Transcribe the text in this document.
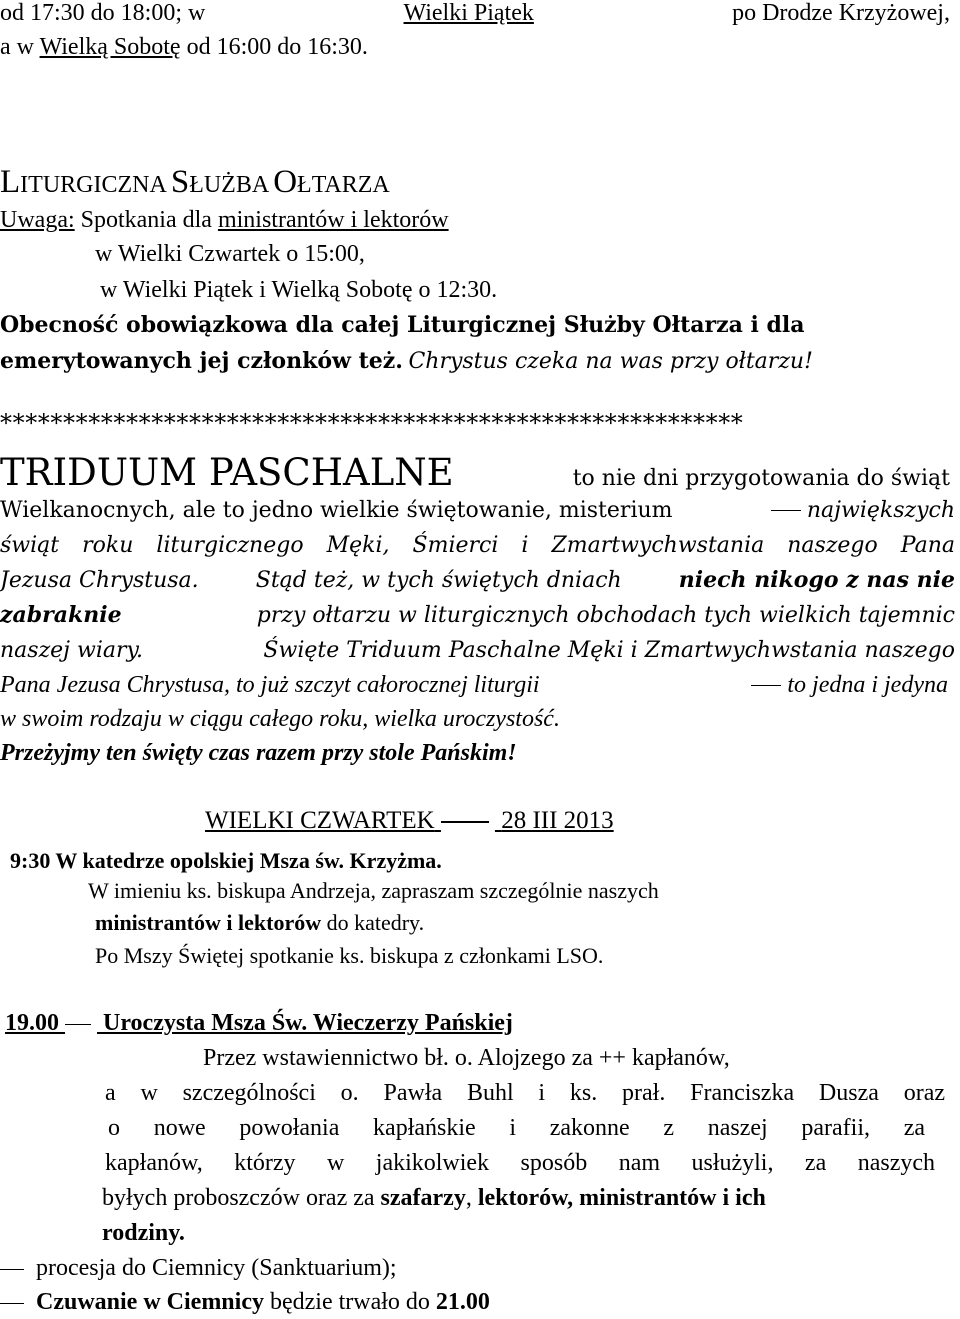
od 17:30 do 18:00; w	Wielki Piątek	po Drodze Krzyżowej,
a w Wielką Sobotę od 16:00 do 16:30.
LITURGICZNA SŁUŻBA OŁTARZA
Uwaga: Spotkania dla ministrantów i lektorów
w Wielki Czwartek o 15:00,
w Wielki Piątek i Wielką Sobotę o 12:30.
Obecność obowiązkowa dla całej Liturgicznej Służby Ołtarza i dla
emerytowanych jej członków też. Chrystus czeka na was przy ołtarzu!
***********************************************************
TRIDUUM PASCHALNE	to nie dni przygotowania do świąt
Wielkanocnych, ale to jedno wielkie świętowanie, misterium	największych
świąt roku liturgicznego Męki, Śmierci i Zmartwychwstania naszego Pana
Jezusa Chrystusa.	Stąd też, w tych świętych dniach	niech nikogo z nas nie
zabraknie	przy ołtarzu w liturgicznych obchodach tych wielkich tajemnic
naszej wiary.	Święte Triduum Paschalne Męki i Zmartwychwstania naszego
Pana Jezusa Chrystusa, to już szczyt całorocznej liturgii	to jedna i jedyna
w swoim rodzaju w ciągu całego roku, wielka uroczystość.
Przeżyjmy ten święty czas razem przy stole Pańskim!
WIELKI CZWARTEK	28 III 2013
9:30 W katedrze opolskiej Msza św. Krzyżma.
W imieniu ks. biskupa Andrzeja, zapraszam szczególnie naszych
ministrantów i lektorów do katedry.
Po Mszy Świętej spotkanie ks. biskupa z członkami LSO.
19.00 Uroczysta Msza Św. Wieczerzy Pańskiej
Przez wstawiennictwo bł. o. Alojzego za ++ kapłanów,
a w szczególności o. Pawła Buhl i ks. prał. Franciszka Dusza oraz
o nowe powołania kapłańskie i zakonne z naszej parafii, za
kapłanów, którzy w jakikolwiek sposób nam usłużyli, za naszych
byłych proboszczów oraz za szafarzy, lektorów, ministrantów i ich
rodziny.
procesja do Ciemnicy (Sanktuarium);
Czuwanie w Ciemnicy będzie trwało do 21.00
